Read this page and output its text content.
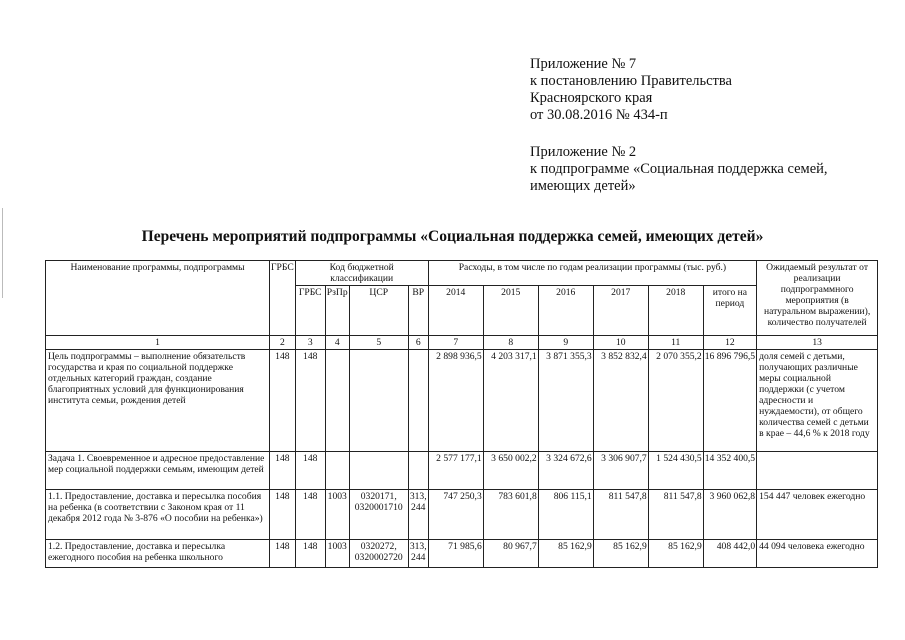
Приложение № 7
к постановлению Правительства
Красноярского края
от 30.08.2016 № 434-п
Приложение № 2
к подпрограмме «Социальная поддержка семей,
имеющих детей»
Перечень мероприятий подпрограммы «Социальная поддержка семей, имеющих детей»
Наименование программы, подпрограммы	ГРБС	Код бюджетной классификации				Расходы, в том числе по годам реализации программы (тыс. руб.)						Ожидаемый результат от реализации подпрограммного мероприятия (в натуральном выражении), количество получателей
		ГРБС	РзПр	ЦСР	ВР	2014	2015	2016	2017	2018	итого на период	
1	2	3	4	5	6	7	8	9	10	11	12	13
Цель подпрограммы – выполнение обязательств государства и края по социальной поддержке отдельных категорий граждан, создание благоприятных условий для функционирования института семьи, рождения детей	148	148				2 898 936,5	4 203 317,1	3 871 355,3	3 852 832,4	2 070 355,2	16 896 796,5	доля семей с детьми, получающих различные меры социальной поддержки (с учетом адресности и нуждаемости), от общего количества семей с детьми в крае – 44,6 % к 2018 году
Задача 1. Своевременное и адресное предоставление мер социальной поддержки семьям, имеющим детей	148	148				2 577 177,1	3 650 002,2	3 324 672,6	3 306 907,7	1 524 430,5	14 352 400,5	
1.1. Предоставление, доставка и пересылка пособия на ребенка (в соответствии с Законом края от 11 декабря 2012 года № 3-876 «О пособии на ребенка»)	148	148	1003	0320171, 0320001710	313, 244	747 250,3	783 601,8	806 115,1	811 547,8	811 547,8	3 960 062,8	154 447 человек ежегодно
1.2. Предоставление, доставка и пересылка ежегодного пособия на ребенка школьного	148	148	1003	0320272, 0320002720	313, 244	71 985,6	80 967,7	85 162,9	85 162,9	85 162,9	408 442,0	44 094 человека ежегодно
